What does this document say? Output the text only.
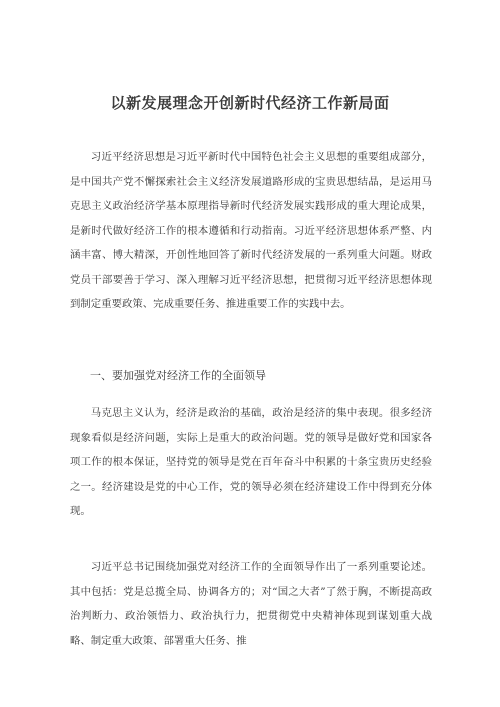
以新发展理念开创新时代经济工作新局面

习近平经济思想是习近平新时代中国特色社会主义思想的重要组成部分，是中国共产党不懈探索社会主义经济发展道路形成的宝贵思想结晶，是运用马克思主义政治经济学基本原理指导新时代经济发展实践形成的重大理论成果，是新时代做好经济工作的根本遵循和行动指南。习近平经济思想体系严整、内涵丰富、博大精深，开创性地回答了新时代经济发展的一系列重大问题。财政党员干部要善于学习、深入理解习近平经济思想，把贯彻习近平经济思想体现到制定重要政策、完成重要任务、推进重要工作的实践中去。

一、要加强党对经济工作的全面领导

马克思主义认为，经济是政治的基础，政治是经济的集中表现。很多经济现象看似是经济问题，实际上是重大的政治问题。党的领导是做好党和国家各项工作的根本保证，坚持党的领导是党在百年奋斗中积累的十条宝贵历史经验之一。经济建设是党的中心工作，党的领导必须在经济建设工作中得到充分体现。

习近平总书记围绕加强党对经济工作的全面领导作出了一系列重要论述。其中包括：党是总揽全局、协调各方的；对“国之大者”了然于胸，不断提高政治判断力、政治领悟力、政治执行力，把贯彻党中央精神体现到谋划重大战略、制定重大政策、部署重大任务、推
